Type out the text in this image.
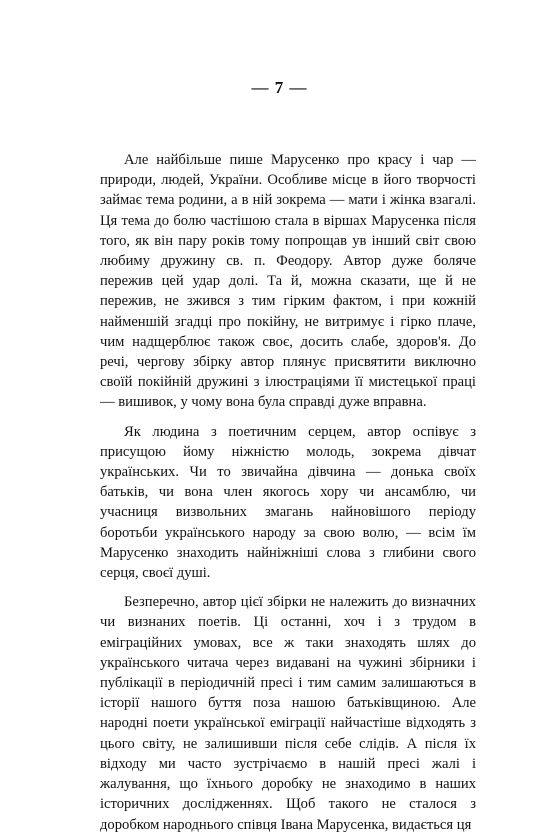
— 7 —

Але найбільше пише Марусенко про красу і чар — природи, людей, України. Особливе місце в його творчості займає тема родини, а в ній зокрема — мати і жінка взагалі. Ця тема до болю частішою стала в віршах Марусенка після того, як він пару років тому попрощав ув інший світ свою любиму дружину св. п. Феодору. Автор дуже боляче пережив цей удар долі. Та й, можна сказати, ще й не пережив, не зжився з тим гірким фактом, і при кожній найменшій згадці про покійну, не витримує і гірко плаче, чим надщерблює також своє, досить слабе, здоров'я. До речі, чергову збірку автор плянує присвятити виключно своїй покійній дружині з ілюстраціями її мистецької праці — вишивок, у чому вона була справді дуже вправна.

Як людина з поетичним серцем, автор оспівує з присущою йому ніжністю молодь, зокрема дівчат українських. Чи то звичайна дівчина — донька своїх батьків, чи вона член якогось хору чи ансамблю, чи учасниця визвольних змагань найновішого періоду боротьби українського народу за свою волю, — всім їм Марусенко знаходить найніжніші слова з глибини свого серця, своєї душі.

Безперечно, автор цієї збірки не належить до визначних чи визнаних поетів. Ці останні, хоч і з трудом в еміграційних умовах, все ж таки знаходять шлях до українського читача через видавані на чужині збірники і публікації в періодичній пресі і тим самим залишаються в історії нашого буття поза нашою батьківщиною. Але народні поети української еміграції найчастіше відходять з цього світу, не залишивши після себе слідів. А після їх відходу ми часто зустрічаємо в нашій пресі жалі і жалування, що їхнього доробку не знаходимо в наших історичних дослідженнях. Щоб такого не сталося з доробком народнього співця Івана Марусенка, видається ця
